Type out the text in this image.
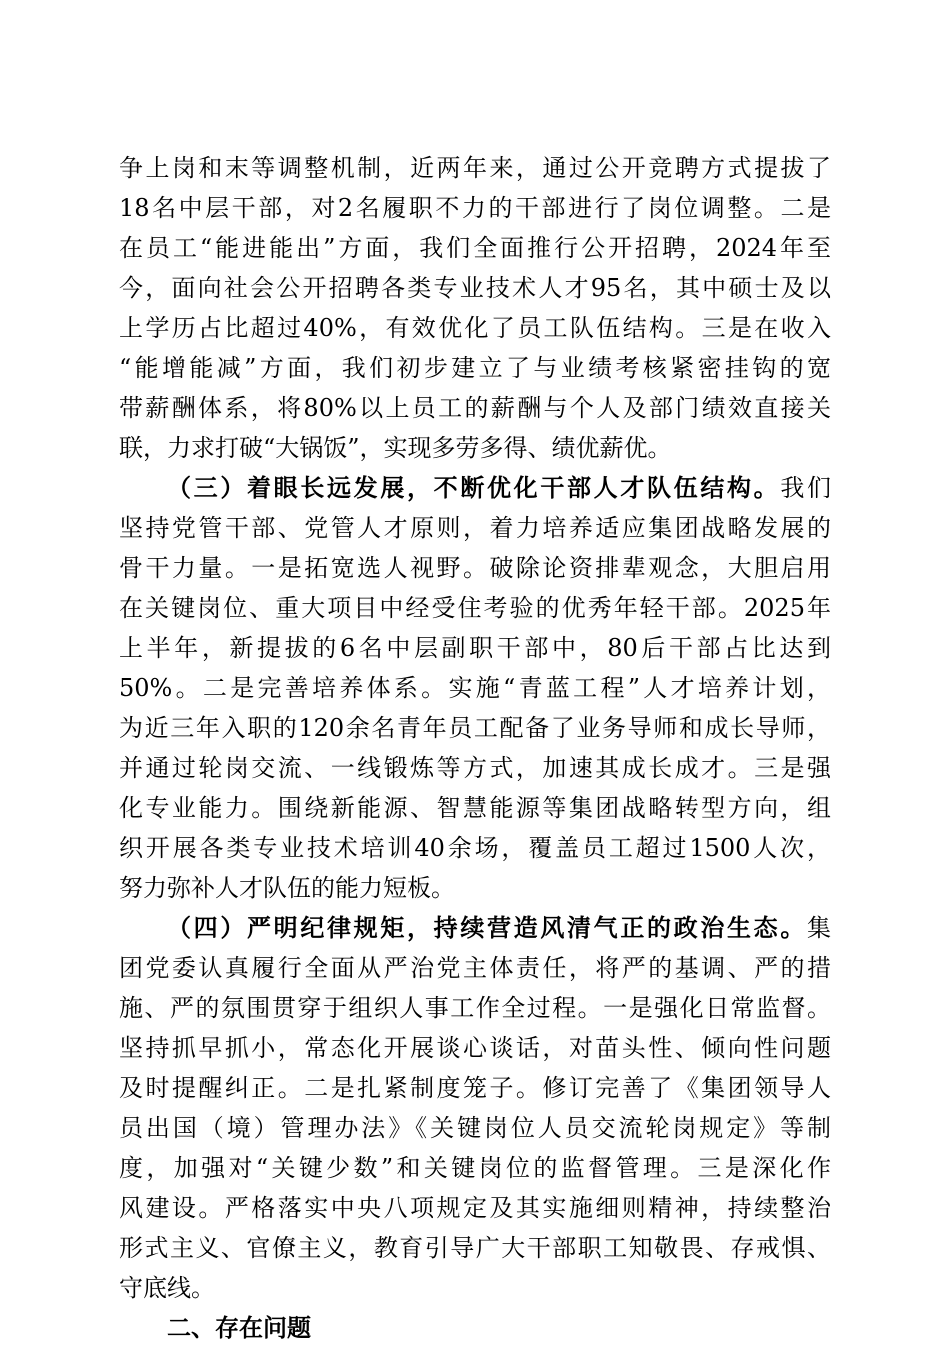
争上岗和末等调整机制，近两年来，通过公开竞聘方式提拔了
18名中层干部，对2名履职不力的干部进行了岗位调整。二是
在员工“能进能出”方面，我们全面推行公开招聘，2024年至
今，面向社会公开招聘各类专业技术人才95名，其中硕士及以
上学历占比超过40%，有效优化了员工队伍结构。三是在收入
“能增能减”方面，我们初步建立了与业绩考核紧密挂钩的宽
带薪酬体系，将80%以上员工的薪酬与个人及部门绩效直接关
联，力求打破“大锅饭”，实现多劳多得、绩优薪优。
（三）着眼长远发展，不断优化干部人才队伍结构。我们
坚持党管干部、党管人才原则，着力培养适应集团战略发展的
骨干力量。一是拓宽选人视野。破除论资排辈观念，大胆启用
在关键岗位、重大项目中经受住考验的优秀年轻干部。2025年
上半年，新提拔的6名中层副职干部中，80后干部占比达到
50%。二是完善培养体系。实施“青蓝工程”人才培养计划，
为近三年入职的120余名青年员工配备了业务导师和成长导师，
并通过轮岗交流、一线锻炼等方式，加速其成长成才。三是强
化专业能力。围绕新能源、智慧能源等集团战略转型方向，组
织开展各类专业技术培训40余场，覆盖员工超过1500人次，
努力弥补人才队伍的能力短板。
（四）严明纪律规矩，持续营造风清气正的政治生态。集
团党委认真履行全面从严治党主体责任，将严的基调、严的措
施、严的氛围贯穿于组织人事工作全过程。一是强化日常监督。
坚持抓早抓小，常态化开展谈心谈话，对苗头性、倾向性问题
及时提醒纠正。二是扎紧制度笼子。修订完善了《集团领导人
员出国（境）管理办法》《关键岗位人员交流轮岗规定》等制
度，加强对“关键少数”和关键岗位的监督管理。三是深化作
风建设。严格落实中央八项规定及其实施细则精神，持续整治
形式主义、官僚主义，教育引导广大干部职工知敬畏、存戒惧、
守底线。
二、存在问题
